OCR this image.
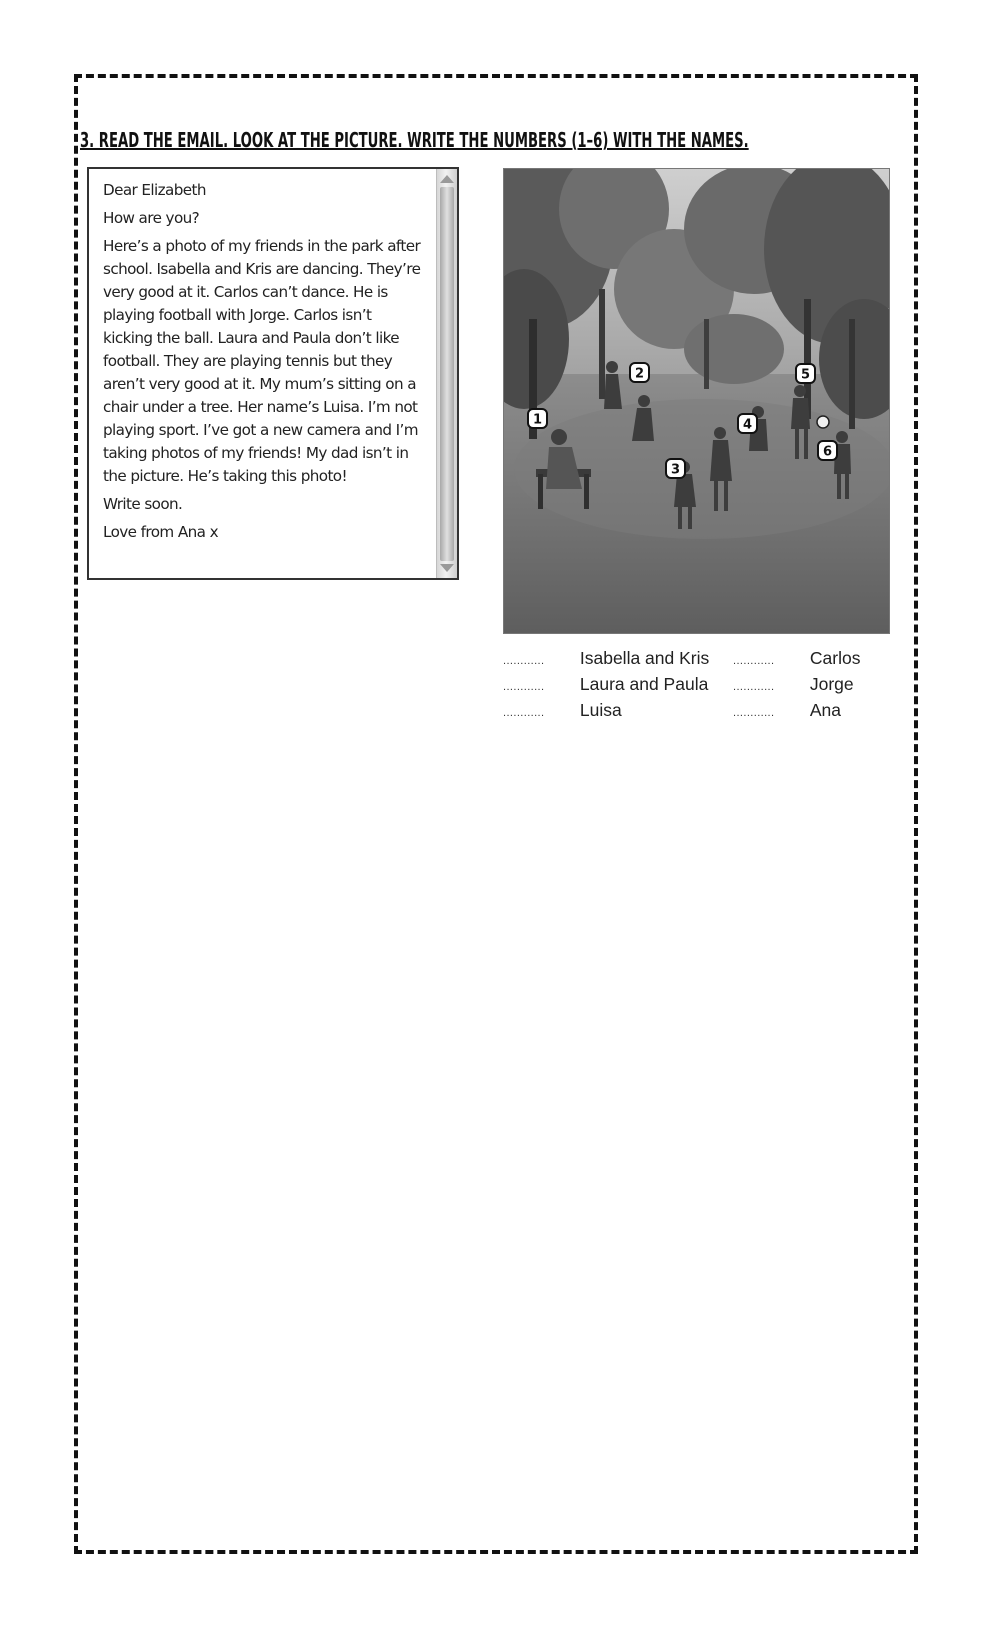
3. READ THE EMAIL. LOOK AT THE PICTURE. WRITE THE NUMBERS (1–6) WITH THE NAMES.

Dear Elizabeth

How are you?

Here’s a photo of my friends in the park after school. Isabella and Kris are dancing. They’re very good at it. Carlos can’t dance. He is playing football with Jorge. Carlos isn’t kicking the ball. Laura and Paula don’t like football. They are playing tennis but they aren’t very good at it. My mum’s sitting on a chair under a tree. Her name’s Luisa. I’m not playing sport. I’ve got a new camera and I’m taking photos of my friends! My dad isn’t in the picture. He’s taking this photo!

Write soon.

Love from Ana x

1
2
3
4
5
6
............ Isabella and Kris ............ Carlos
............ Laura and Paula ............ Jorge
............ Luisa	............ Ana
